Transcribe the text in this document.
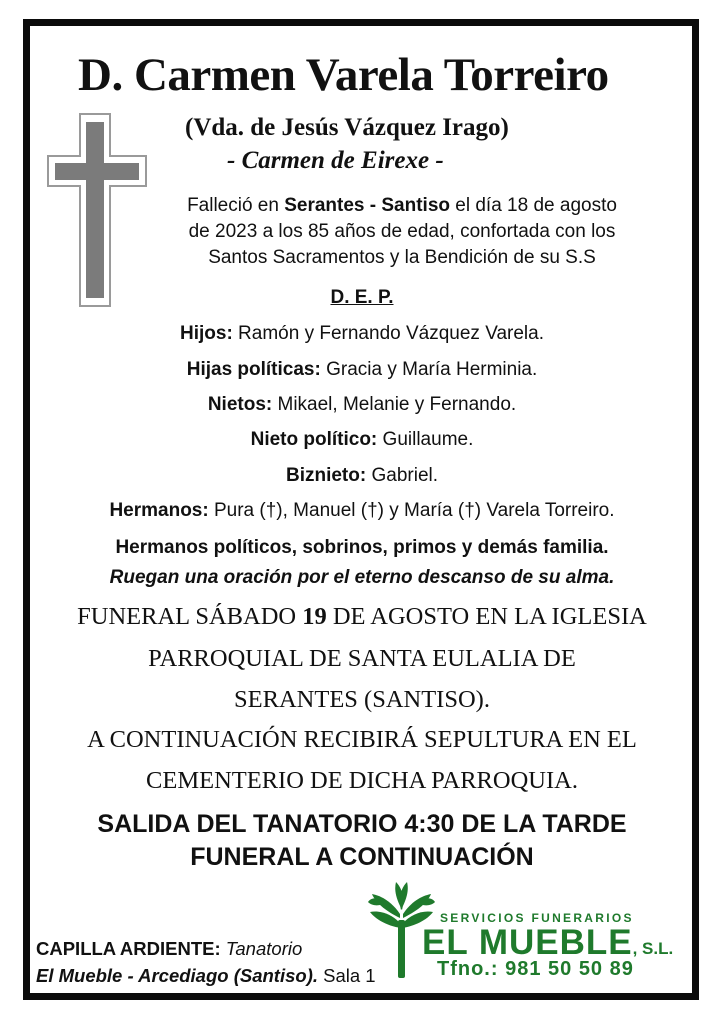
D. Carmen Varela Torreiro
(Vda. de Jesús Vázquez Irago)
- Carmen de Eirexe -
Falleció en Serantes - Santiso el día 18 de agosto
de 2023 a los 85 años de edad, confortada con los
Santos Sacramentos y la Bendición de su S.S
D. E. P.
Hijos: Ramón y Fernando Vázquez Varela.
Hijas políticas: Gracia y María Herminia.
Nietos: Mikael, Melanie y Fernando.
Nieto político: Guillaume.
Biznieto: Gabriel.
Hermanos: Pura (†), Manuel (†) y María (†) Varela Torreiro.
Hermanos políticos, sobrinos, primos y demás familia.
Ruegan una oración por el eterno descanso de su alma.
FUNERAL SÁBADO 19 DE AGOSTO EN LA IGLESIA
PARROQUIAL DE SANTA EULALIA DE
SERANTES (SANTISO).
A CONTINUACIÓN RECIBIRÁ SEPULTURA EN EL
CEMENTERIO DE DICHA PARROQUIA.
SALIDA DEL TANATORIO 4:30 DE LA TARDE
FUNERAL A CONTINUACIÓN
CAPILLA ARDIENTE: Tanatorio
El Mueble - Arcediago (Santiso). Sala 1
SERVICIOS FUNERARIOS
EL MUEBLE, S.L.
Tfno.: 981 50 50 89
